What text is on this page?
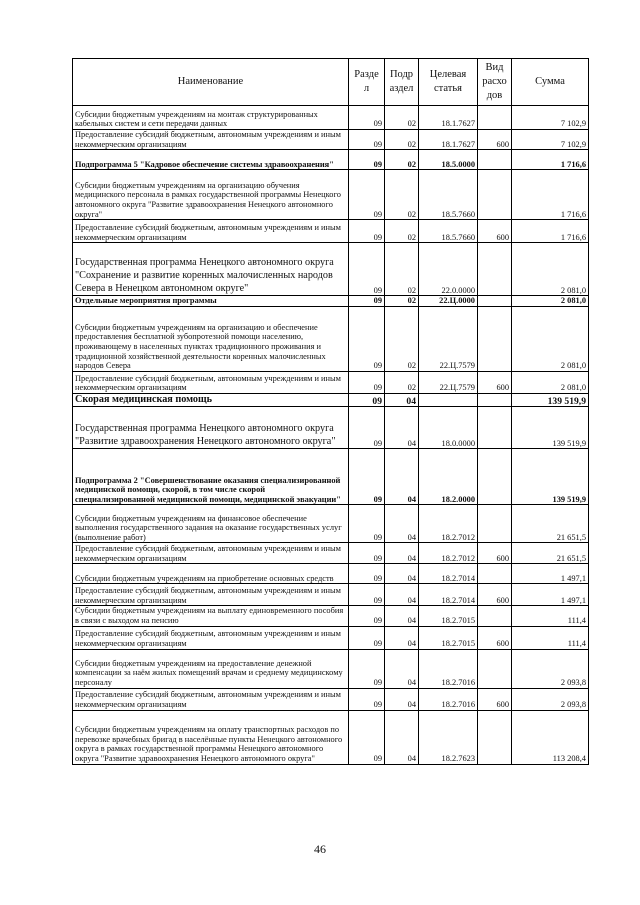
Наименование	Разде л	Подр аздел	Целевая статья	Вид расхо дов	Сумма
Субсидии бюджетным учреждениям на монтаж структурированных кабельных систем и сети передачи данных	09	02	18.1.7627		7 102,9
Предоставление субсидий бюджетным, автономным учреждениям и иным некоммерческим организациям	09	02	18.1.7627	600	7 102,9
Подпрограмма 5 "Кадровое обеспечение системы здравоохранения"	09	02	18.5.0000		1 716,6
Субсидии бюджетным учреждениям на организацию обучения медицинского персонала в рамках государственной программы Ненецкого автономного округа "Развитие здравоохранения Ненецкого автономного округа"	09	02	18.5.7660		1 716,6
Предоставление субсидий бюджетным, автономным учреждениям и иным некоммерческим организациям	09	02	18.5.7660	600	1 716,6
Государственная программа Ненецкого автономного округа "Сохранение и развитие коренных малочисленных народов Севера в Ненецком автономном округе"	09	02	22.0.0000		2 081,0
Отдельные мероприятия программы	09	02	22.Ц.0000		2 081,0
Субсидии бюджетным учреждениям на организацию и обеспечение предоставления бесплатной зубопротезной помощи населению, проживающему в населенных пунктах традиционного проживания и традиционной хозяйственной деятельности коренных малочисленных народов Севера	09	02	22.Ц.7579		2 081,0
Предоставление субсидий бюджетным, автономным учреждениям и иным некоммерческим организациям	09	02	22.Ц.7579	600	2 081,0
Скорая медицинская помощь	09	04			139 519,9
Государственная программа Ненецкого автономного округа "Развитие здравоохранения Ненецкого автономного округа"	09	04	18.0.0000		139 519,9
Подпрограмма 2 "Совершенствование оказания специализированной медицинской помощи, скорой, в том числе скорой специализированной медицинской помощи, медицинской эвакуации"	09	04	18.2.0000		139 519,9
Субсидии бюджетным учреждениям на финансовое обеспечение выполнения государственного задания на оказание государственных услуг (выполнение работ)	09	04	18.2.7012		21 651,5
Предоставление субсидий бюджетным, автономным учреждениям и иным некоммерческим организациям	09	04	18.2.7012	600	21 651,5
Субсидии бюджетным учреждениям на приобретение основных средств	09	04	18.2.7014		1 497,1
Предоставление субсидий бюджетным, автономным учреждениям и иным некоммерческим организациям	09	04	18.2.7014	600	1 497,1
Субсидии бюджетным учреждениям на выплату единовременного пособия в связи с выходом на пенсию	09	04	18.2.7015		111,4
Предоставление субсидий бюджетным, автономным учреждениям и иным некоммерческим организациям	09	04	18.2.7015	600	111,4
Субсидии бюджетным учреждениям на предоставление денежной компенсации за наём жилых помещений врачам и среднему медицинскому персоналу	09	04	18.2.7016		2 093,8
Предоставление субсидий бюджетным, автономным учреждениям и иным некоммерческим организациям	09	04	18.2.7016	600	2 093,8
Субсидии бюджетным учреждениям на оплату транспортных расходов по перевозке врачебных бригад в населённые пункты Ненецкого автономного округа в рамках государственной программы Ненецкого автономного округа "Развитие здравоохранения Ненецкого автономного округа"	09	04	18.2.7623		113 208,4
46
